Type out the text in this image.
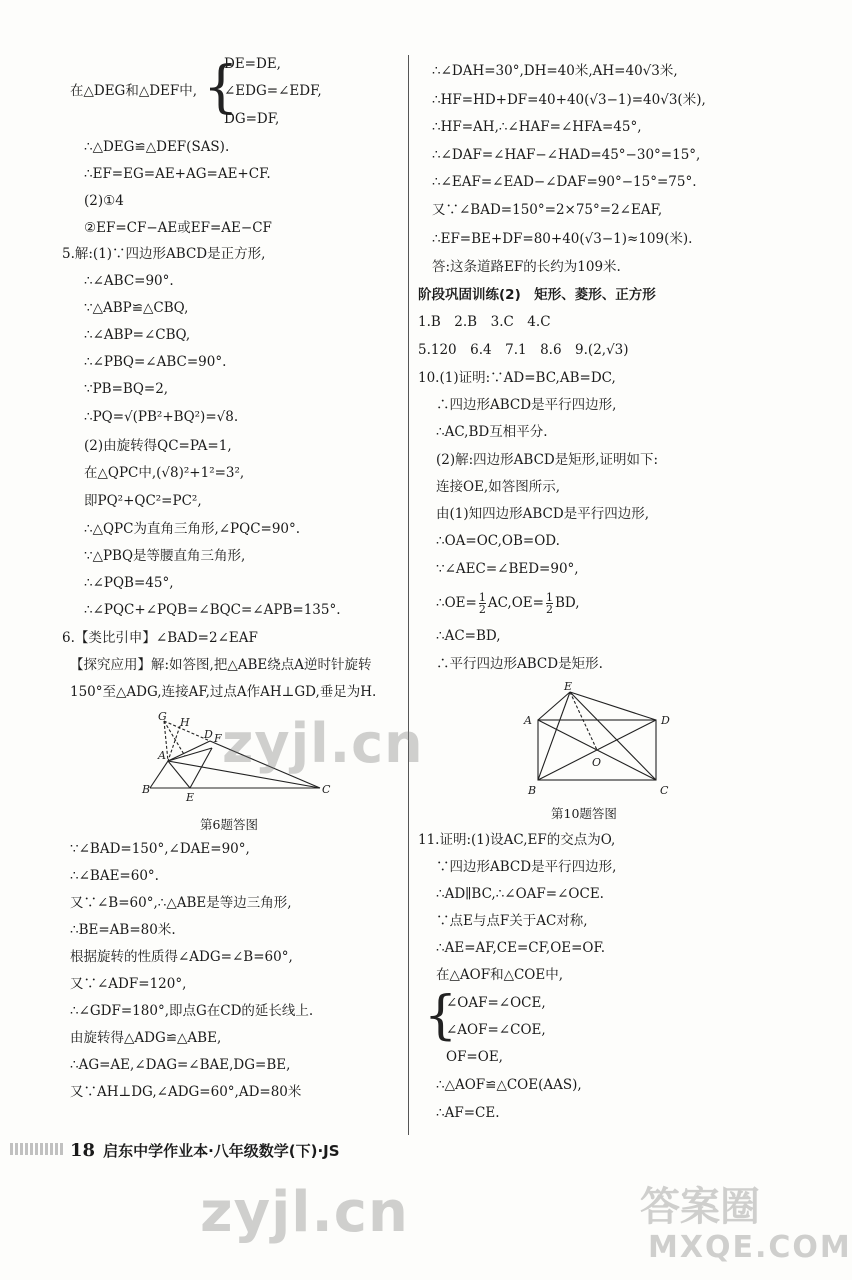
DE=DE,
在△DEG和△DEF中, {
∠EDG=∠EDF,
DG=DF,
∴△DEG≌△DEF(SAS).
∴EF=EG=AE+AG=AE+CF.
(2)①4
②EF=CF−AE或EF=AE−CF
5.解:(1)∵四边形ABCD是正方形,
∴∠ABC=90°.
∵△ABP≌△CBQ,
∴∠ABP=∠CBQ,
∴∠PBQ=∠ABC=90°.
∵PB=BQ=2,
∴PQ=√(PB²+BQ²)=√8.
(2)由旋转得QC=PA=1,
在△QPC中,(√8)²+1²=3²,
即PQ²+QC²=PC²,
∴△QPC为直角三角形,∠PQC=90°.
∵△PBQ是等腰直角三角形,
∴∠PQB=45°,
∴∠PQC+∠PQB=∠BQC=∠APB=135°.
6.【类比引申】∠BAD=2∠EAF
【探究应用】解:如答图,把△ABE绕点A逆时针旋转
150°至△ADG,连接AF,过点A作AH⊥GD,垂足为H.
G H
F
D
A
B
E
C
第6题答图
∵∠BAD=150°,∠DAE=90°,
∴∠BAE=60°.
又∵∠B=60°,∴△ABE是等边三角形,
∴BE=AB=80米.
根据旋转的性质得∠ADG=∠B=60°,
又∵∠ADF=120°,
∴∠GDF=180°,即点G在CD的延长线上.
由旋转得△ADG≌△ABE,
∴AG=AE,∠DAG=∠BAE,DG=BE,
又∵AH⊥DG,∠ADG=60°,AD=80米
∴∠DAH=30°,DH=40米,AH=40√3米,
∴HF=HD+DF=40+40(√3−1)=40√3(米),
∴HF=AH,∴∠HAF=∠HFA=45°,
∴∠DAF=∠HAF−∠HAD=45°−30°=15°,
∴∠EAF=∠EAD−∠DAF=90°−15°=75°.
又∵∠BAD=150°=2×75°=2∠EAF,
∴EF=BE+DF=80+40(√3−1)≈109(米).
答:这条道路EF的长约为109米.
阶段巩固训练(2)　矩形、菱形、正方形
1.B　2.B　3.C　4.C
5.120　6.4　7.1　8.6　9.(2,√3)
10.(1)证明:∵AD=BC,AB=DC,
∴四边形ABCD是平行四边形,
∴AC,BD互相平分.
(2)解:四边形ABCD是矩形,证明如下:
连接OE,如答图所示,
由(1)知四边形ABCD是平行四边形,
∴OA=OC,OB=OD.
∵∠AEC=∠BED=90°,
∴OE= $\frac{1}{2} AC,OE= \frac{1}{2}$ BD,
∴AC=BD,
∴平行四边形ABCD是矩形.
E
A	D
O
B	C
第10题答图
11.证明:(1)设AC,EF的交点为O,
∵四边形ABCD是平行四边形,
∴AD∥BC,∴∠OAF=∠OCE.
∵点E与点F关于AC对称,
∴AE=AF,CE=CF,OE=OF.
在△AOF和△COE中,
{
∠OAF=∠OCE,
∠AOF=∠COE,
OF=OE,
∴△AOF≌△COE(AAS),
∴AF=CE.
18 启东中学作业本·八年级数学(下)·JS
zyjl.cn
zyjl.cn	答案圈
MXQE.COM
